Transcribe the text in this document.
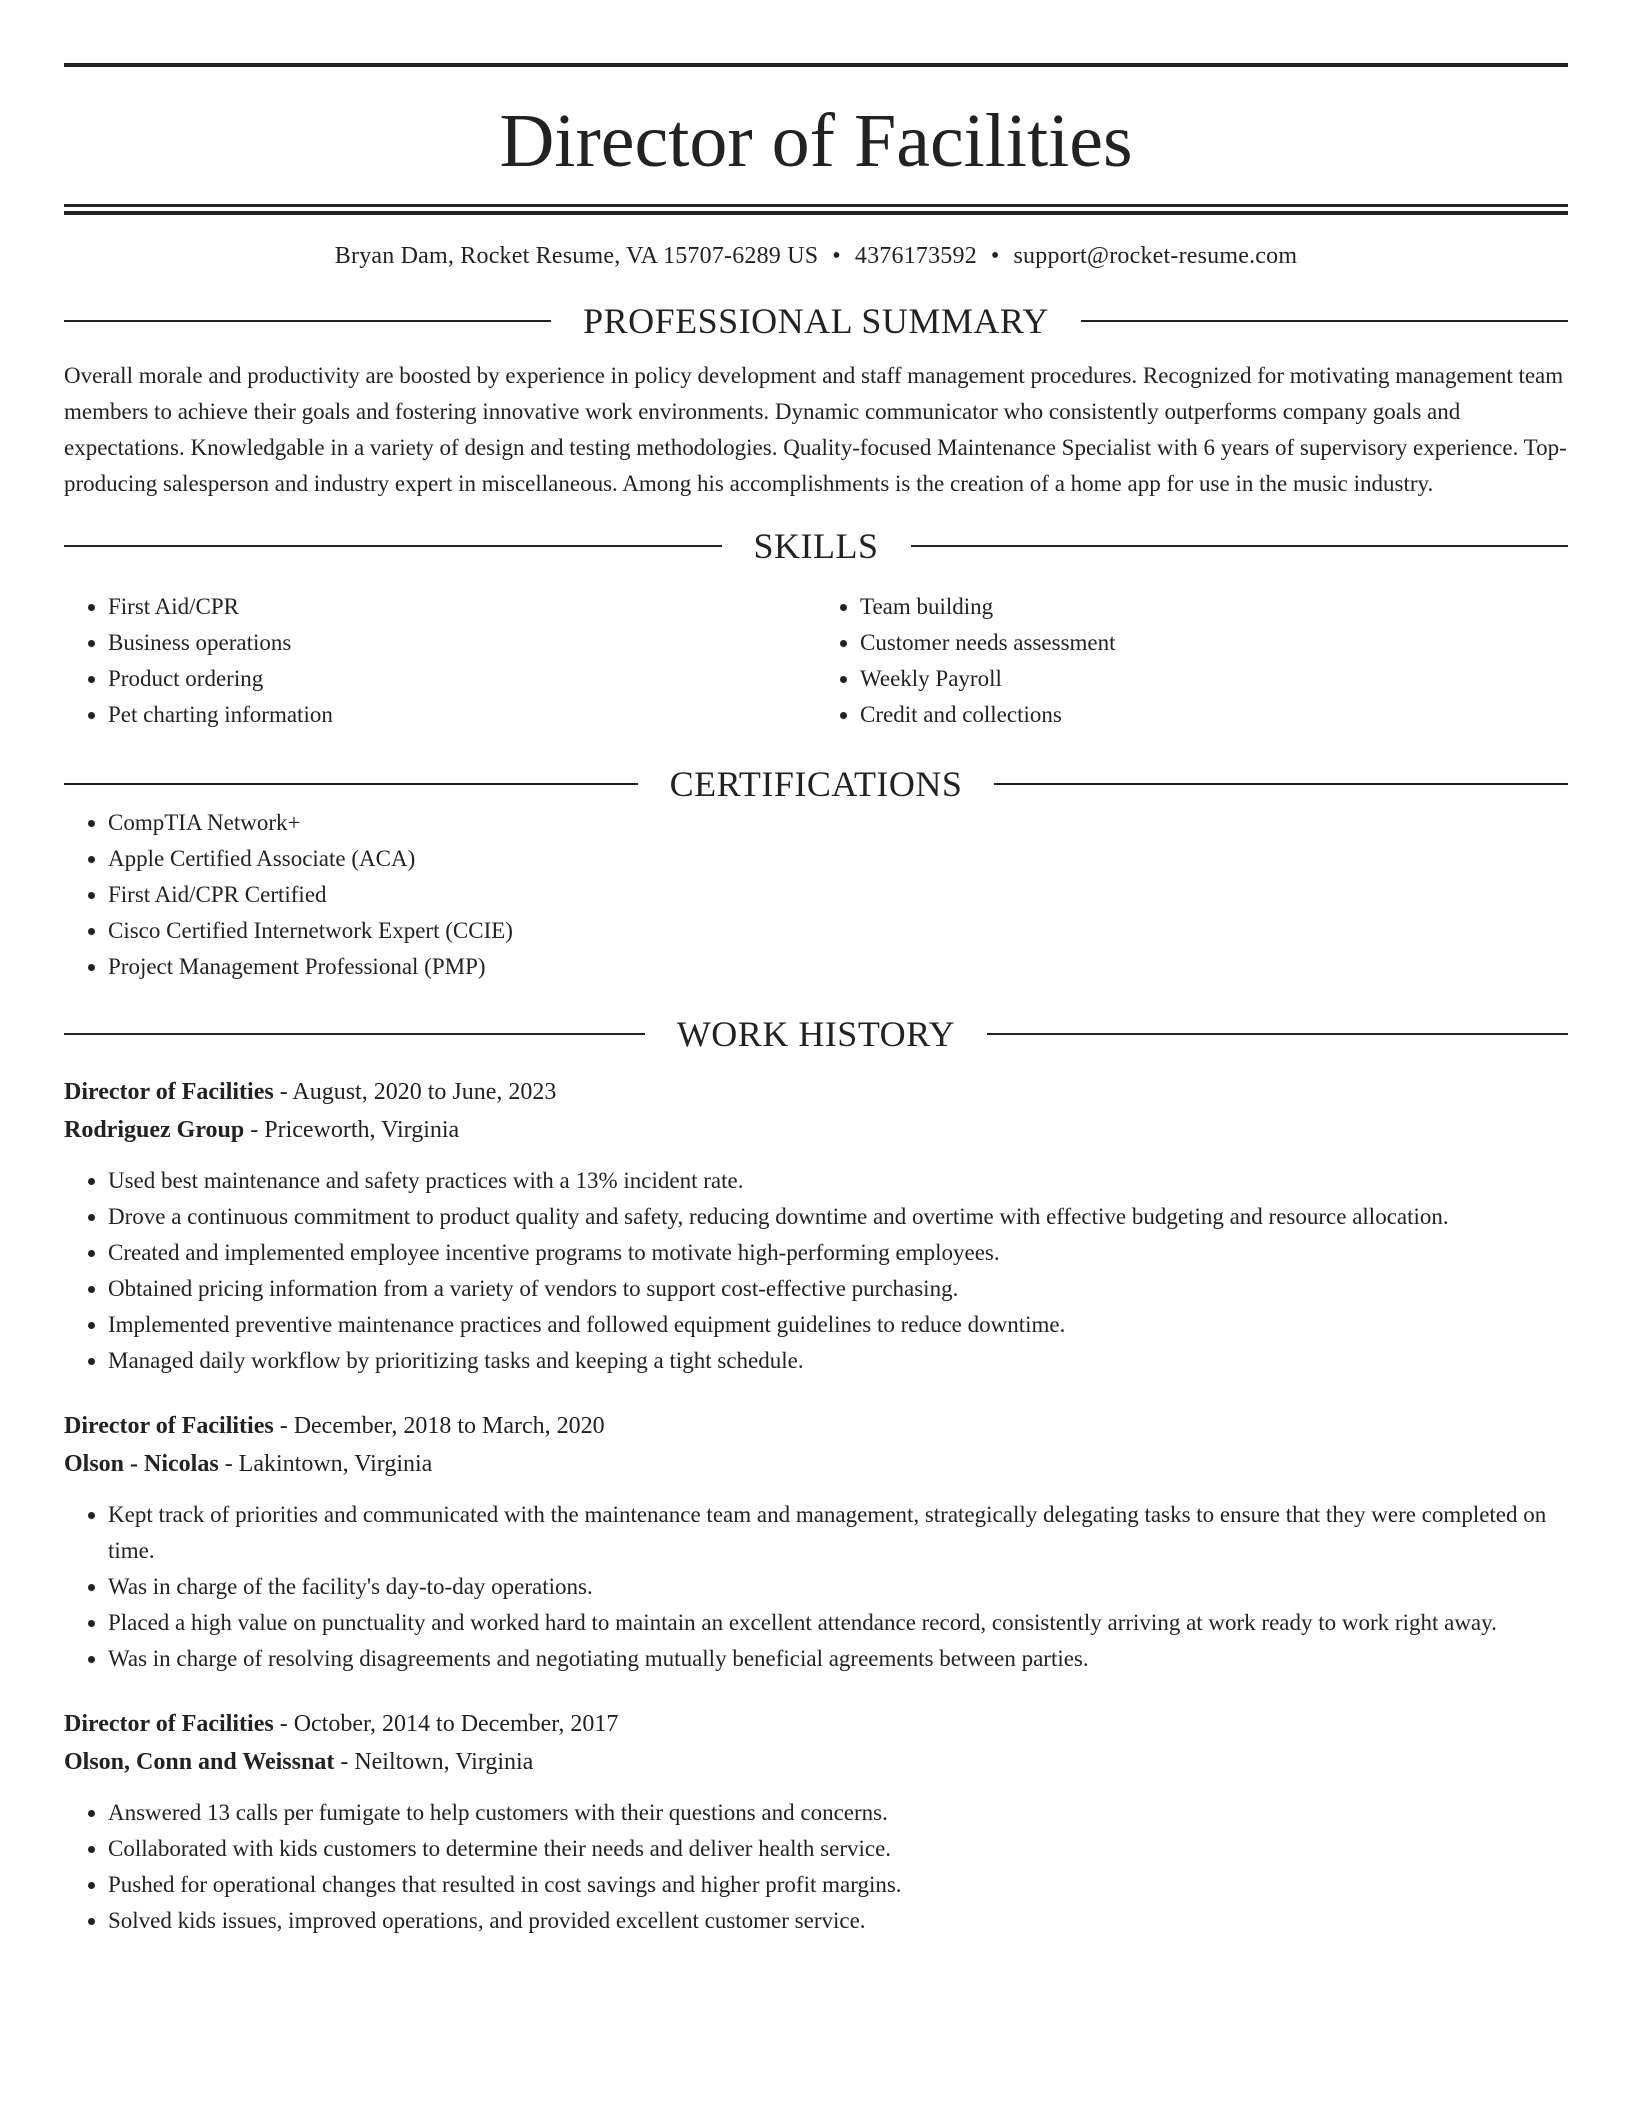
Director of Facilities
Bryan Dam, Rocket Resume, VA 15707-6289 US • 4376173592 • support@rocket-resume.com
PROFESSIONAL SUMMARY

Overall morale and productivity are boosted by experience in policy development and staff management procedures. Recognized for motivating management team members to achieve their goals and fostering innovative work environments. Dynamic communicator who consistently outperforms company goals and expectations. Knowledgable in a variety of design and testing methodologies. Quality-focused Maintenance Specialist with 6 years of supervisory experience. Top-producing salesperson and industry expert in miscellaneous. Among his accomplishments is the creation of a home app for use in the music industry.

SKILLS
• First Aid/CPR
• Business operations
• Product ordering
• Pet charting information
• Team building
• Customer needs assessment
• Weekly Payroll
• Credit and collections
CERTIFICATIONS
• CompTIA Network+
• Apple Certified Associate (ACA)
• First Aid/CPR Certified
• Cisco Certified Internetwork Expert (CCIE)
• Project Management Professional (PMP)
WORK HISTORY
Director of Facilities - August, 2020 to June, 2023
Rodriguez Group - Priceworth, Virginia
• Used best maintenance and safety practices with a 13% incident rate.
• Drove a continuous commitment to product quality and safety, reducing downtime and overtime with effective budgeting and resource allocation.
• Created and implemented employee incentive programs to motivate high-performing employees.
• Obtained pricing information from a variety of vendors to support cost-effective purchasing.
• Implemented preventive maintenance practices and followed equipment guidelines to reduce downtime.
• Managed daily workflow by prioritizing tasks and keeping a tight schedule.
Director of Facilities - December, 2018 to March, 2020
Olson - Nicolas - Lakintown, Virginia
• Kept track of priorities and communicated with the maintenance team and management, strategically delegating tasks to ensure that they were completed on time.
• Was in charge of the facility's day-to-day operations.
• Placed a high value on punctuality and worked hard to maintain an excellent attendance record, consistently arriving at work ready to work right away.
• Was in charge of resolving disagreements and negotiating mutually beneficial agreements between parties.
Director of Facilities - October, 2014 to December, 2017
Olson, Conn and Weissnat - Neiltown, Virginia
• Answered 13 calls per fumigate to help customers with their questions and concerns.
• Collaborated with kids customers to determine their needs and deliver health service.
• Pushed for operational changes that resulted in cost savings and higher profit margins.
• Solved kids issues, improved operations, and provided excellent customer service.
